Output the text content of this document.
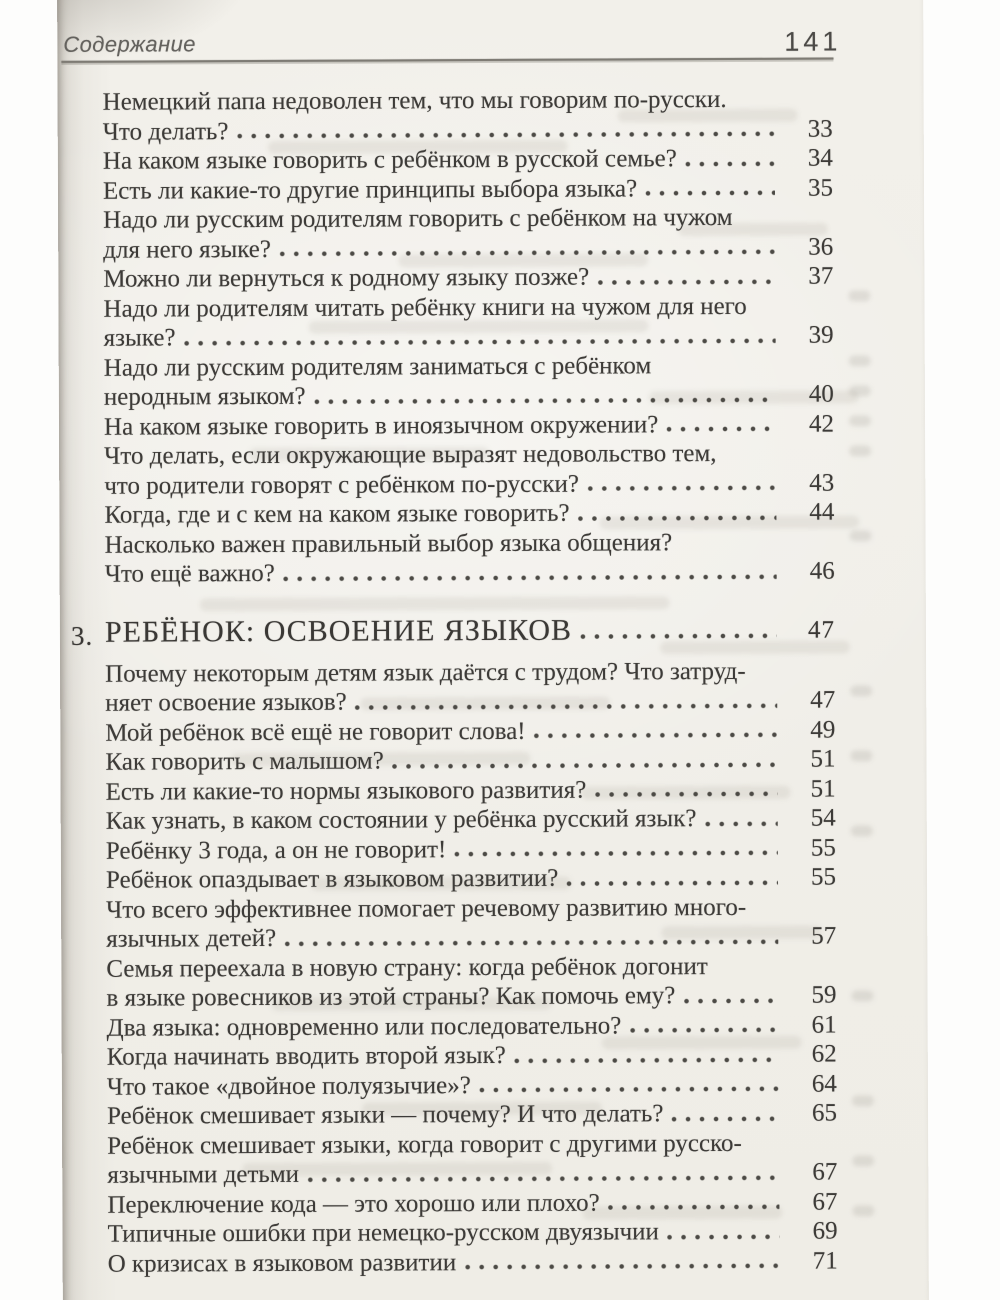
Содержание	141
Немецкий папа недоволен тем, что мы говорим по-русски.
Что делать?	33
На каком языке говорить с ребёнком в русской семье?	34
Есть ли какие-то другие принципы выбора языка?	35
Надо ли русским родителям говорить с ребёнком на чужом
для него языке?	36
Можно ли вернуться к родному языку позже?	37
Надо ли родителям читать ребёнку книги на чужом для него
языке?	39
Надо ли русским родителям заниматься с ребёнком
неродным языком?	40
На каком языке говорить в иноязычном окружении?	42
Что делать, если окружающие выразят недовольство тем,
что родители говорят с ребёнком по-русски?	43
Когда, где и с кем на каком языке говорить?	44
Насколько важен правильный выбор языка общения?
Что ещё важно?	46
3. РЕБЁНОК: ОСВОЕНИЕ ЯЗЫКОВ	47
Почему некоторым детям язык даётся с трудом? Что затруд-
няет освоение языков?	47
Мой ребёнок всё ещё не говорит слова!	49
Как говорить с малышом?	51
Есть ли какие-то нормы языкового развития?	51
Как узнать, в каком состоянии у ребёнка русский язык?	54
Ребёнку 3 года, а он не говорит!	55
Ребёнок опаздывает в языковом развитии?	55
Что всего эффективнее помогает речевому развитию много-
язычных детей?	57
Семья переехала в новую страну: когда ребёнок догонит
в языке ровесников из этой страны? Как помочь ему?	59
Два языка: одновременно или последовательно?	61
Когда начинать вводить второй язык?	62
Что такое «двойное полуязычие»?	64
Ребёнок смешивает языки — почему? И что делать?	65
Ребёнок смешивает языки, когда говорит с другими русско-
язычными детьми	67
Переключение кода — это хорошо или плохо?	67
Типичные ошибки при немецко-русском двуязычии	69
О кризисах в языковом развитии	71
